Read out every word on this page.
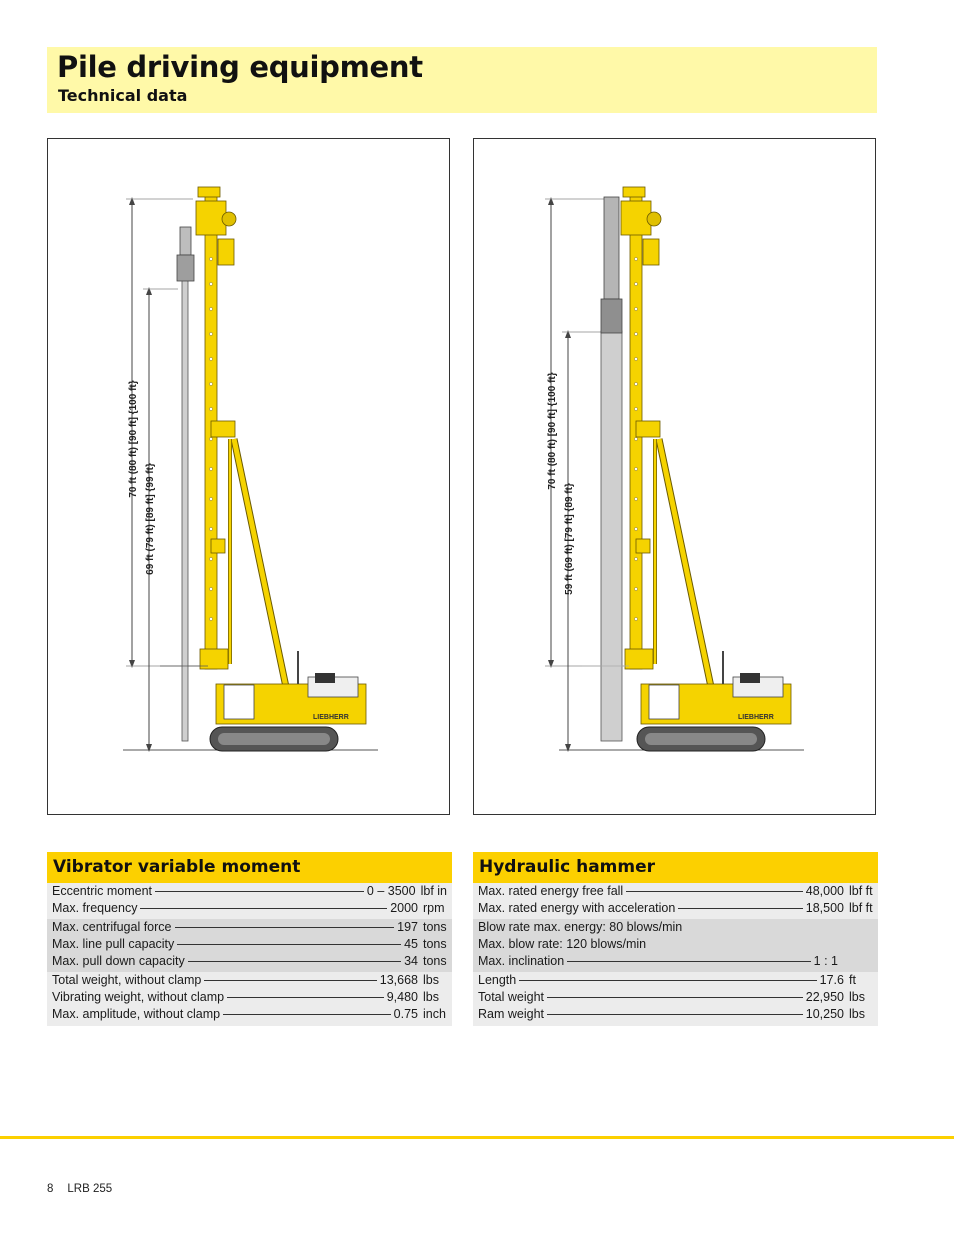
Pile driving equipment
Technical data
70 ft (80 ft) [90 ft] {100 ft}
69 ft (79 ft) [89 ft] {99 ft}
LIEBHERR
70 ft (80 ft) [90 ft] {100 ft}
59 ft (69 ft) [79 ft] {89 ft}
LIEBHERR
Vibrator variable moment
Eccentric moment	0 – 3500 lbf in
Max. frequency	2000 rpm
Max. centrifugal force	197 tons
Max. line pull capacity	45 tons
Max. pull down capacity	34 tons
Total weight, without clamp	13,668 lbs
Vibrating weight, without clamp	9,480 lbs
Max. amplitude, without clamp	0.75 inch
Hydraulic hammer
Max. rated energy free fall	48,000 lbf ft
Max. rated energy with acceleration	18,500 lbf ft
Blow rate max. energy: 80 blows/min
Max. blow rate: 120 blows/min
Max. inclination	1 : 1
Length	17.6 ft
Total weight	22,950 lbs
Ram weight	10,250 lbs
8 LRB 255
